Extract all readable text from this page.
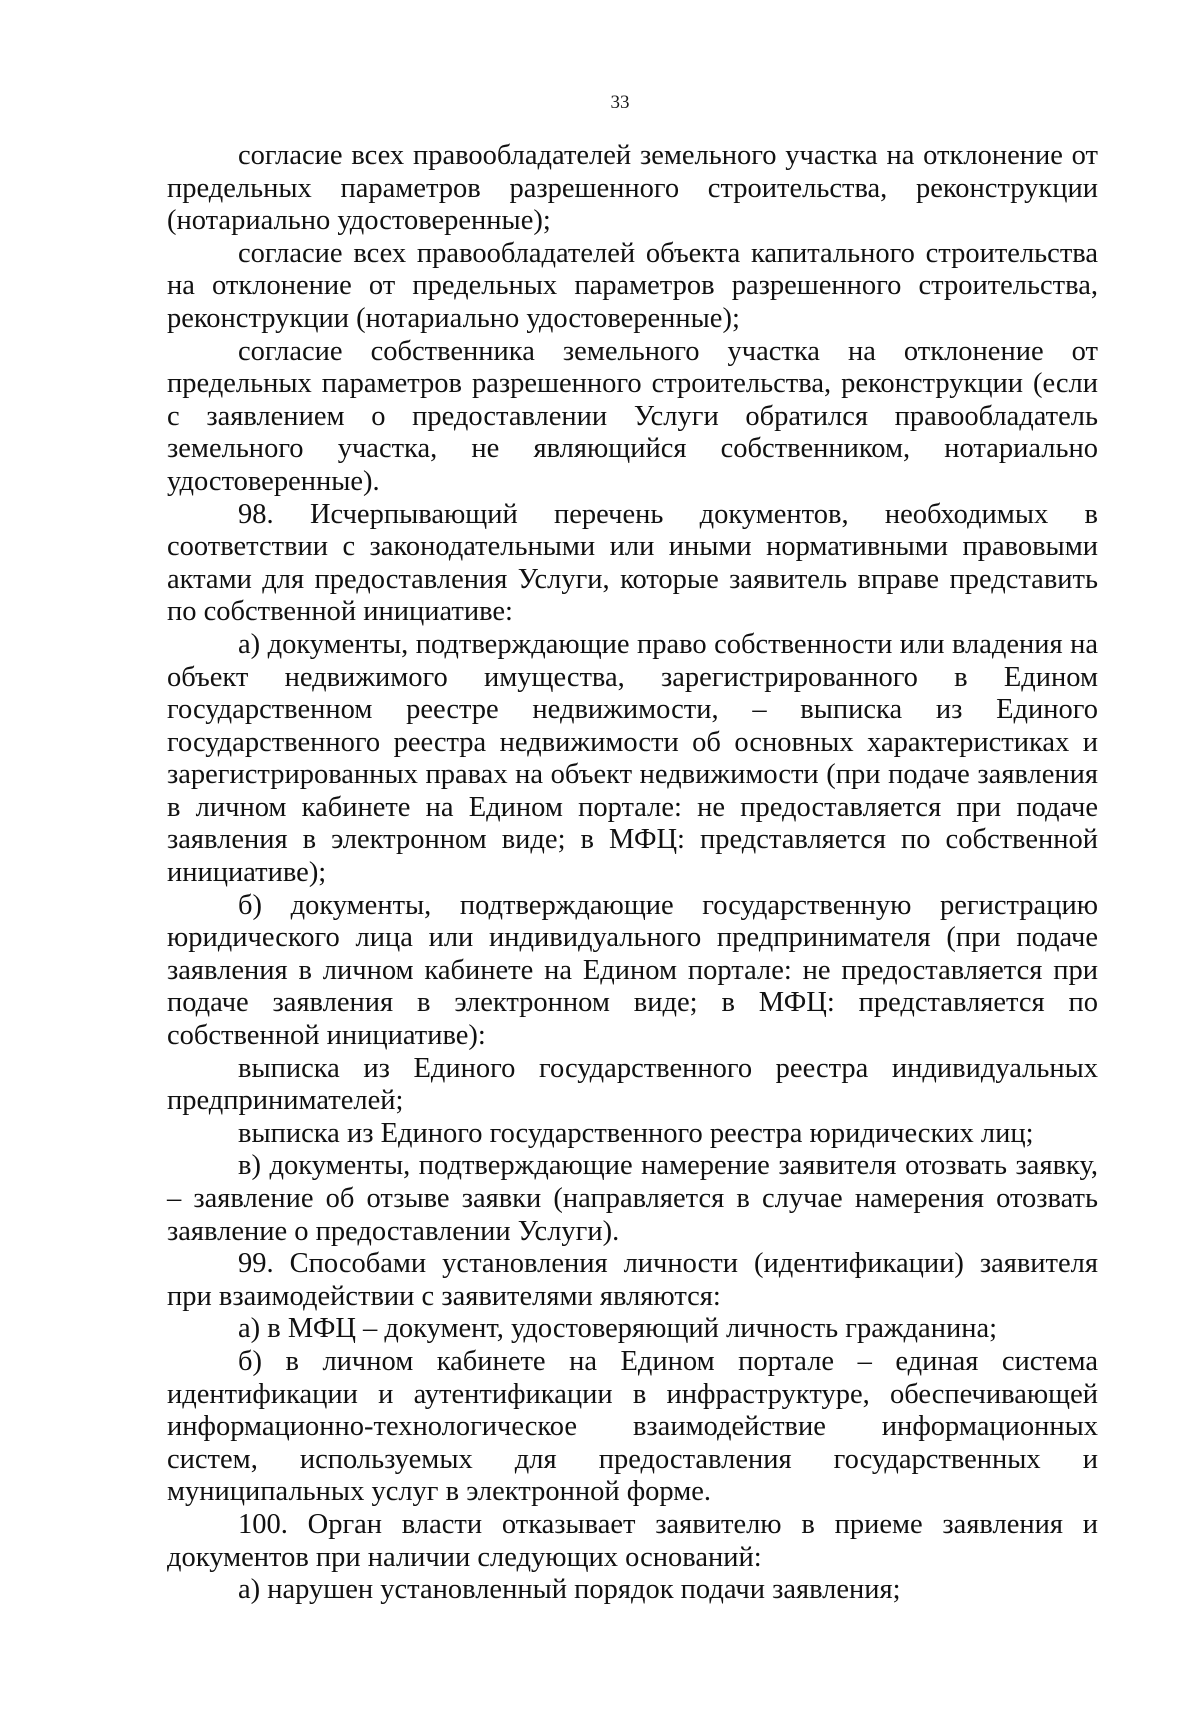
33

согласие всех правообладателей земельного участка на отклонение от предельных параметров разрешенного строительства, реконструкции (нотариально удостоверенные);

согласие всех правообладателей объекта капитального строительства на отклонение от предельных параметров разрешенного строительства, реконструкции (нотариально удостоверенные);

согласие собственника земельного участка на отклонение от предельных параметров разрешенного строительства, реконструкции (если с заявлением о предоставлении Услуги обратился правообладатель земельного участка, не являющийся собственником, нотариально удостоверенные).

98. Исчерпывающий перечень документов, необходимых в соответствии с законодательными или иными нормативными правовыми актами для предоставления Услуги, которые заявитель вправе представить по собственной инициативе:

а) документы, подтверждающие право собственности или владения на объект недвижимого имущества, зарегистрированного в Едином государственном реестре недвижимости, – выписка из Единого государственного реестра недвижимости об основных характеристиках и зарегистрированных правах на объект недвижимости (при подаче заявления в личном кабинете на Едином портале: не предоставляется при подаче заявления в электронном виде; в МФЦ: представляется по собственной инициативе);

б) документы, подтверждающие государственную регистрацию юридического лица или индивидуального предпринимателя (при подаче заявления в личном кабинете на Едином портале: не предоставляется при подаче заявления в электронном виде; в МФЦ: представляется по собственной инициативе):

выписка из Единого государственного реестра индивидуальных предпринимателей;

выписка из Единого государственного реестра юридических лиц;

в) документы, подтверждающие намерение заявителя отозвать заявку, – заявление об отзыве заявки (направляется в случае намерения отозвать заявление о предоставлении Услуги).

99. Способами установления личности (идентификации) заявителя при взаимодействии с заявителями являются:

а) в МФЦ – документ, удостоверяющий личность гражданина;

б) в личном кабинете на Едином портале – единая система идентификации и аутентификации в инфраструктуре, обеспечивающей информационно-технологическое взаимодействие информационных систем, используемых для предоставления государственных и муниципальных услуг в электронной форме.

100. Орган власти отказывает заявителю в приеме заявления и документов при наличии следующих оснований:

а) нарушен установленный порядок подачи заявления;
